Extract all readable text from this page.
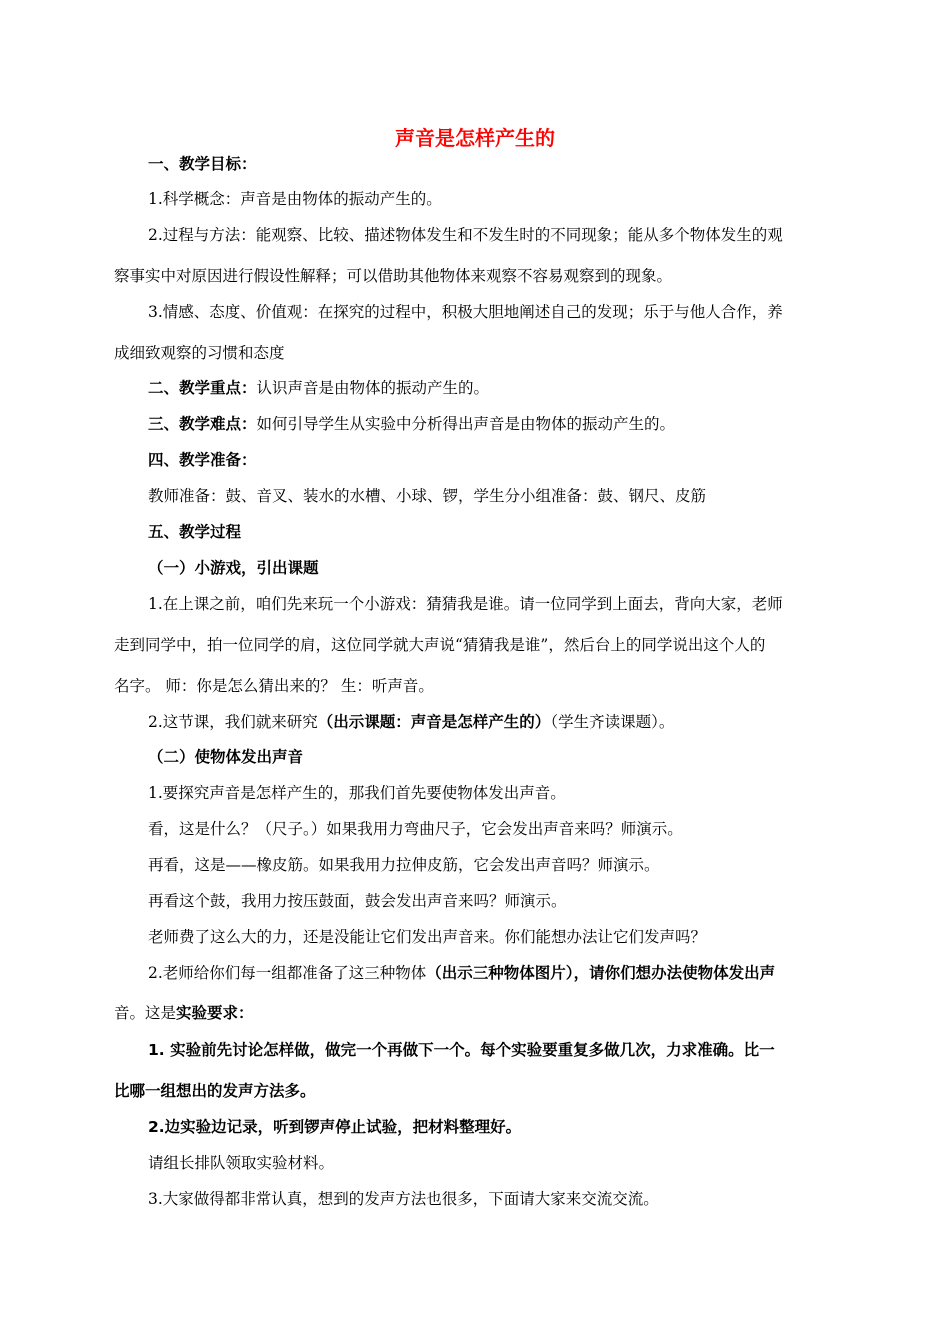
声音是怎样产生的
一、教学目标：
1.科学概念：声音是由物体的振动产生的。
2.过程与方法：能观察、比较、描述物体发生和不发生时的不同现象；能从多个物体发生的观
察事实中对原因进行假设性解释；可以借助其他物体来观察不容易观察到的现象。
3.情感、态度、价值观：在探究的过程中，积极大胆地阐述自己的发现；乐于与他人合作，养
成细致观察的习惯和态度
二、教学重点：认识声音是由物体的振动产生的。
三、教学难点：如何引导学生从实验中分析得出声音是由物体的振动产生的。
四、教学准备：
教师准备：鼓、音叉、装水的水槽、小球、锣，学生分小组准备：鼓、钢尺、皮筋
五、教学过程
（一）小游戏，引出课题
1.在上课之前，咱们先来玩一个小游戏：猜猜我是谁。请一位同学到上面去，背向大家，老师
走到同学中，拍一位同学的肩，这位同学就大声说“猜猜我是谁”，然后台上的同学说出这个人的
名字。 师：你是怎么猜出来的？ 生：听声音。
2.这节课，我们就来研究（出示课题：声音是怎样产生的）（学生齐读课题）。
（二）使物体发出声音
1.要探究声音是怎样产生的，那我们首先要使物体发出声音。
看，这是什么？（尺子。）如果我用力弯曲尺子，它会发出声音来吗？师演示。
再看，这是——橡皮筋。如果我用力拉伸皮筋，它会发出声音吗？师演示。
再看这个鼓，我用力按压鼓面，鼓会发出声音来吗？师演示。
老师费了这么大的力，还是没能让它们发出声音来。你们能想办法让它们发声吗？
2.老师给你们每一组都准备了这三种物体（出示三种物体图片），请你们想办法使物体发出声
音。这是实验要求：
1. 实验前先讨论怎样做，做完一个再做下一个。每个实验要重复多做几次，力求准确。比一
比哪一组想出的发声方法多。
2.边实验边记录，听到锣声停止试验，把材料整理好。
请组长排队领取实验材料。
3.大家做得都非常认真，想到的发声方法也很多，下面请大家来交流交流。
